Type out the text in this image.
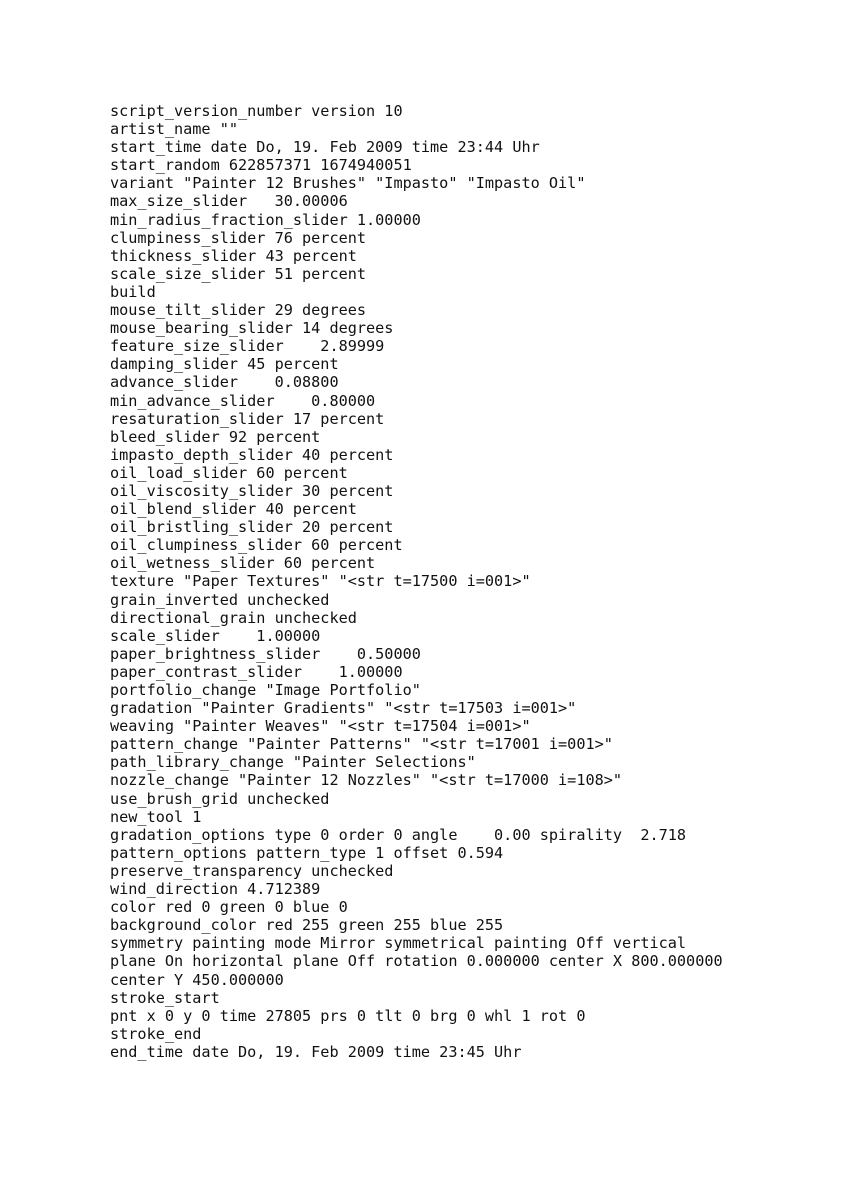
script_version_number version 10
artist_name ""
start_time date Do, 19. Feb 2009 time 23:44 Uhr
start_random 622857371 1674940051
variant "Painter 12 Brushes" "Impasto" "Impasto Oil"
max_size_slider   30.00006
min_radius_fraction_slider 1.00000
clumpiness_slider 76 percent
thickness_slider 43 percent
scale_size_slider 51 percent
build
mouse_tilt_slider 29 degrees
mouse_bearing_slider 14 degrees
feature_size_slider    2.89999
damping_slider 45 percent
advance_slider    0.08800
min_advance_slider    0.80000
resaturation_slider 17 percent
bleed_slider 92 percent
impasto_depth_slider 40 percent
oil_load_slider 60 percent
oil_viscosity_slider 30 percent
oil_blend_slider 40 percent
oil_bristling_slider 20 percent
oil_clumpiness_slider 60 percent
oil_wetness_slider 60 percent
texture "Paper Textures" "<str t=17500 i=001>"
grain_inverted unchecked
directional_grain unchecked
scale_slider    1.00000
paper_brightness_slider    0.50000
paper_contrast_slider    1.00000
portfolio_change "Image Portfolio"
gradation "Painter Gradients" "<str t=17503 i=001>"
weaving "Painter Weaves" "<str t=17504 i=001>"
pattern_change "Painter Patterns" "<str t=17001 i=001>"
path_library_change "Painter Selections"
nozzle_change "Painter 12 Nozzles" "<str t=17000 i=108>"
use_brush_grid unchecked
new_tool 1
gradation_options type 0 order 0 angle    0.00 spirality  2.718
pattern_options pattern_type 1 offset 0.594
preserve_transparency unchecked
wind_direction 4.712389
color red 0 green 0 blue 0
background_color red 255 green 255 blue 255
symmetry painting mode Mirror symmetrical painting Off vertical
plane On horizontal plane Off rotation 0.000000 center X 800.000000
center Y 450.000000
stroke_start
pnt x 0 y 0 time 27805 prs 0 tlt 0 brg 0 whl 1 rot 0
stroke_end
end_time date Do, 19. Feb 2009 time 23:45 Uhr
